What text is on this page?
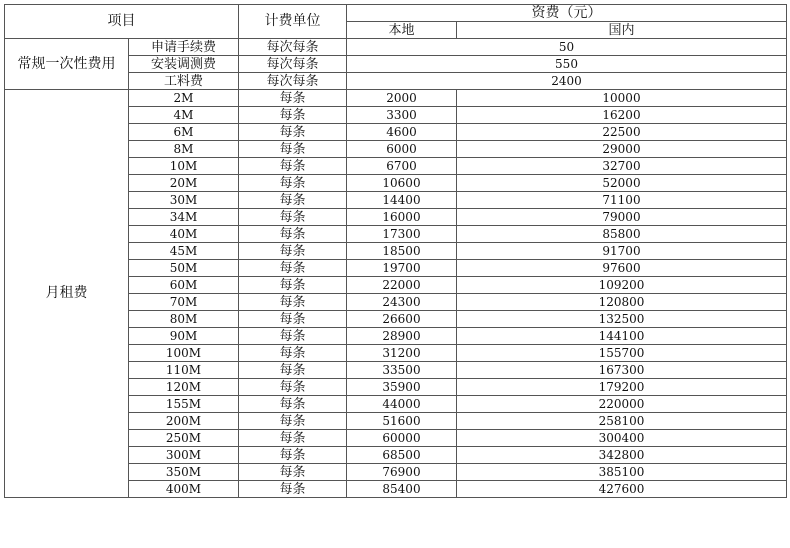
项目		计费单位	资费（元）	
			本地	国内
常规一次性费用	申请手续费	每次每条	50	
	安装调测费	每次每条	550	
	工料费	每次每条	2400	
月租费	2M	每条	2000	10000
	4M	每条	3300	16200
	6M	每条	4600	22500
	8M	每条	6000	29000
	10M	每条	6700	32700
	20M	每条	10600	52000
	30M	每条	14400	71100
	34M	每条	16000	79000
	40M	每条	17300	85800
	45M	每条	18500	91700
	50M	每条	19700	97600
	60M	每条	22000	109200
	70M	每条	24300	120800
	80M	每条	26600	132500
	90M	每条	28900	144100
	100M	每条	31200	155700
	110M	每条	33500	167300
	120M	每条	35900	179200
	155M	每条	44000	220000
	200M	每条	51600	258100
	250M	每条	60000	300400
	300M	每条	68500	342800
	350M	每条	76900	385100
	400M	每条	85400	427600
